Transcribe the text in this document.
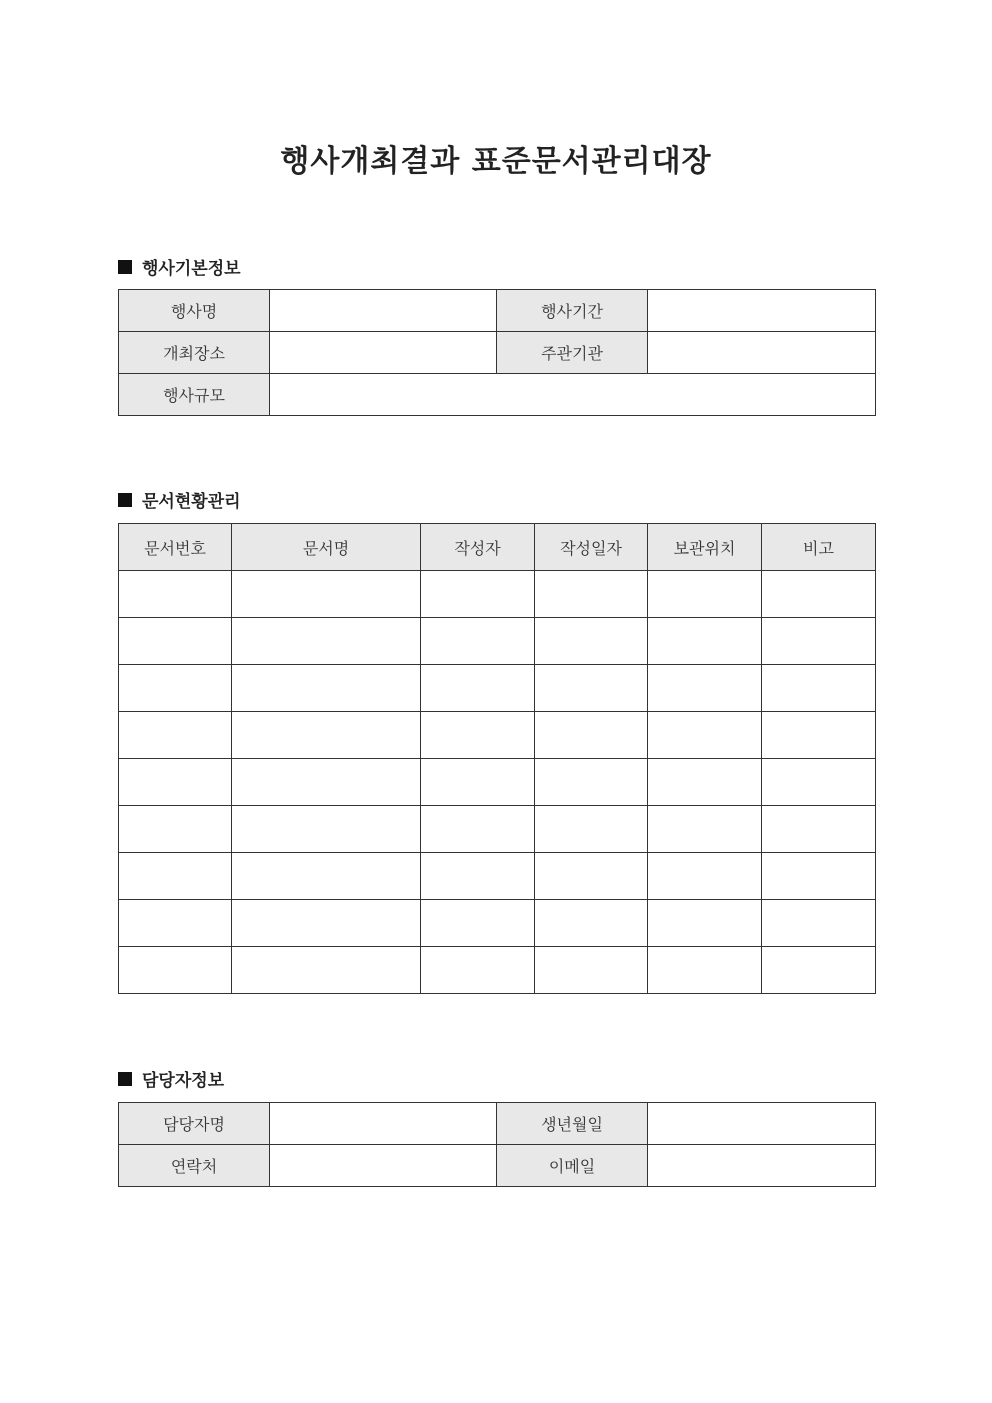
행사개최결과 표준문서관리대장
행사기본정보
행사명		행사기간	
개최장소		주관기관	
행사규모			
문서현황관리
문서번호	문서명	작성자	작성일자	보관위치	비고

담당자정보
담당자명		생년월일	
연락처		이메일	
